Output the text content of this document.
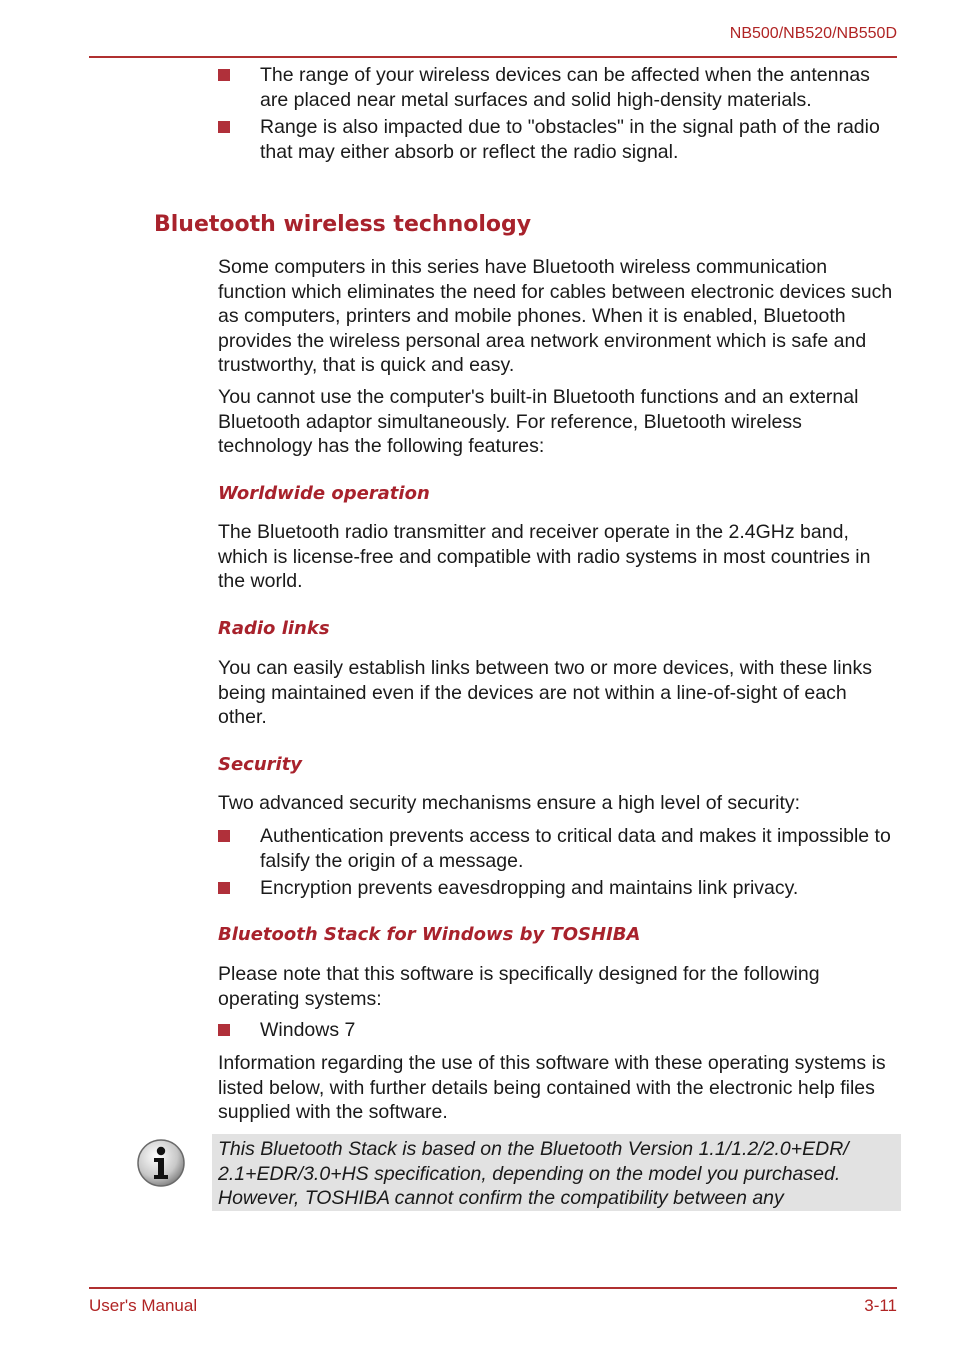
NB500/NB520/NB550D
The range of your wireless devices can be affected when the antennas are placed near metal surfaces and solid high-density materials.
Range is also impacted due to "obstacles" in the signal path of the radio that may either absorb or reflect the radio signal.
Bluetooth wireless technology

Some computers in this series have Bluetooth wireless communication function which eliminates the need for cables between electronic devices such as computers, printers and mobile phones. When it is enabled, Bluetooth provides the wireless personal area network environment which is safe and trustworthy, that is quick and easy.

You cannot use the computer's built-in Bluetooth functions and an external Bluetooth adaptor simultaneously. For reference, Bluetooth wireless technology has the following features:

Worldwide operation

The Bluetooth radio transmitter and receiver operate in the 2.4GHz band, which is license-free and compatible with radio systems in most countries in the world.

Radio links

You can easily establish links between two or more devices, with these links being maintained even if the devices are not within a line-of-sight of each other.

Security

Two advanced security mechanisms ensure a high level of security:

Authentication prevents access to critical data and makes it impossible to falsify the origin of a message.
Encryption prevents eavesdropping and maintains link privacy.
Bluetooth Stack for Windows by TOSHIBA

Please note that this software is specifically designed for the following operating systems:

Windows 7

Information regarding the use of this software with these operating systems is listed below, with further details being contained with the electronic help files supplied with the software.

This Bluetooth Stack is based on the Bluetooth Version 1.1/1.2/2.0+EDR/ 2.1+EDR/3.0+HS specification, depending on the model you purchased. However, TOSHIBA cannot confirm the compatibility between any

User's Manual	3-11
